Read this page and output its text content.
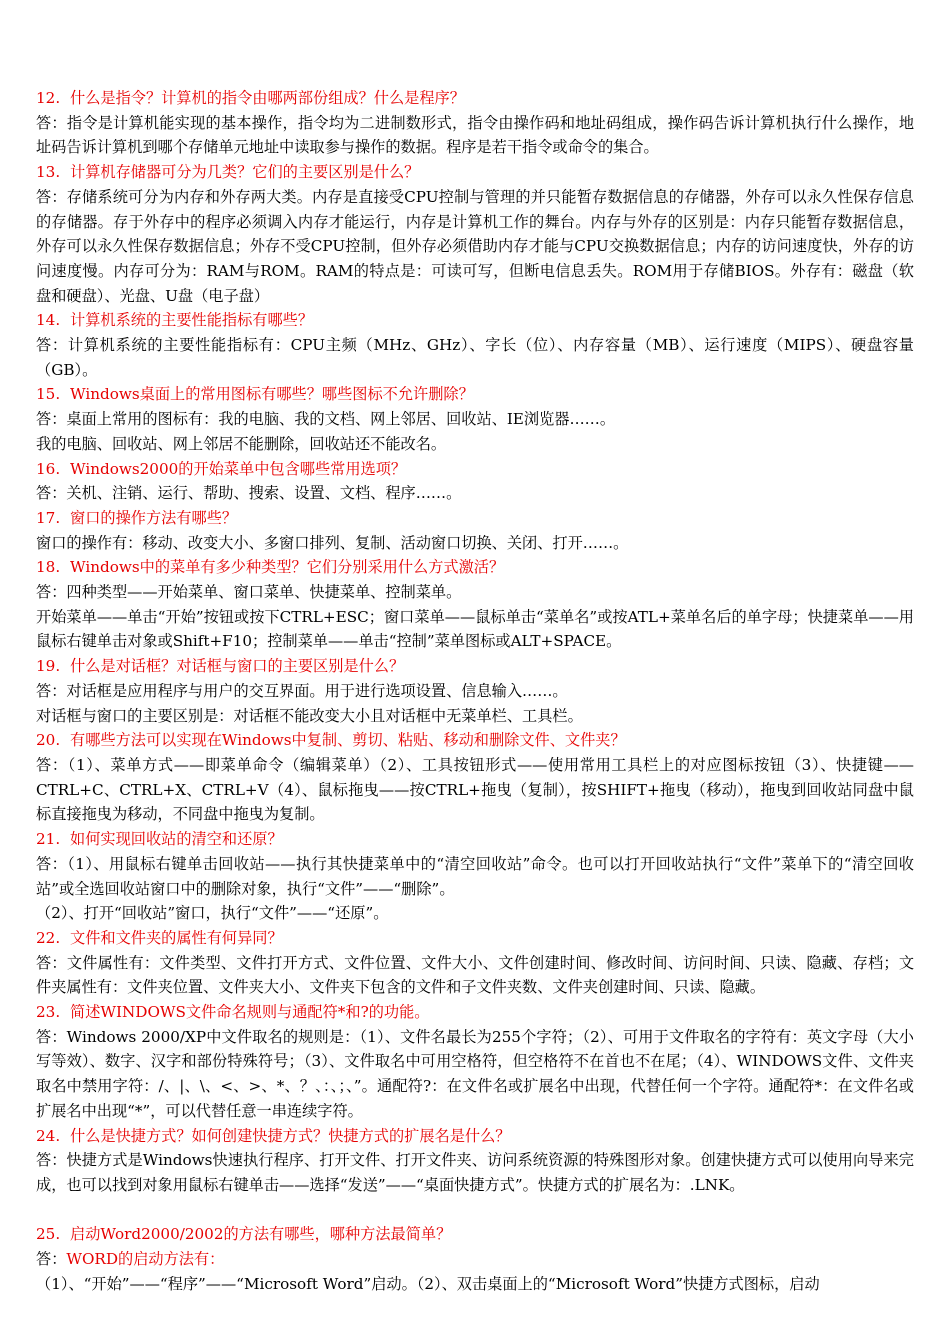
12. 什么是指令？计算机的指令由哪两部份组成？什么是程序？

答：指令是计算机能实现的基本操作，指令均为二进制数形式，指令由操作码和地址码组成，操作码告诉计算机执行什么操作，地址码告诉计算机到哪个存储单元地址中读取参与操作的数据。程序是若干指令或命令的集合。

13. 计算机存储器可分为几类？它们的主要区别是什么？

答：存储系统可分为内存和外存两大类。内存是直接受CPU控制与管理的并只能暂存数据信息的存储器，外存可以永久性保存信息的存储器。存于外存中的程序必须调入内存才能运行，内存是计算机工作的舞台。内存与外存的区别是：内存只能暂存数据信息，外存可以永久性保存数据信息；外存不受CPU控制，但外存必须借助内存才能与CPU交换数据信息；内存的访问速度快，外存的访问速度慢。内存可分为：RAM与ROM。RAM的特点是：可读可写，但断电信息丢失。ROM用于存储BIOS。外存有：磁盘（软盘和硬盘）、光盘、U盘（电子盘）

14. 计算机系统的主要性能指标有哪些？

答：计算机系统的主要性能指标有：CPU主频（MHz、GHz）、字长（位）、内存容量（MB）、运行速度（MIPS）、硬盘容量（GB）。

15. Windows桌面上的常用图标有哪些？哪些图标不允许删除？

答：桌面上常用的图标有：我的电脑、我的文档、网上邻居、回收站、IE浏览器……。

我的电脑、回收站、网上邻居不能删除，回收站还不能改名。

16. Windows2000的开始菜单中包含哪些常用选项？

答：关机、注销、运行、帮助、搜索、设置、文档、程序……。

17. 窗口的操作方法有哪些？

窗口的操作有：移动、改变大小、多窗口排列、复制、活动窗口切换、关闭、打开……。

18. Windows中的菜单有多少种类型？它们分别采用什么方式激活？

答：四种类型——开始菜单、窗口菜单、快捷菜单、控制菜单。

开始菜单——单击“开始”按钮或按下CTRL+ESC；窗口菜单——鼠标单击“菜单名”或按ATL+菜单名后的单字母；快捷菜单——用鼠标右键单击对象或Shift+F10；控制菜单——单击“控制”菜单图标或ALT+SPACE。

19. 什么是对话框？对话框与窗口的主要区别是什么？

答：对话框是应用程序与用户的交互界面。用于进行选项设置、信息输入……。

对话框与窗口的主要区别是：对话框不能改变大小且对话框中无菜单栏、工具栏。

20. 有哪些方法可以实现在Windows中复制、剪切、粘贴、移动和删除文件、文件夹？

答：（1）、菜单方式——即菜单命令（编辑菜单）（2）、工具按钮形式——使用常用工具栏上的对应图标按钮（3）、快捷键——CTRL+C、CTRL+X、CTRL+V（4）、鼠标拖曳——按CTRL+拖曳（复制），按SHIFT+拖曳（移动），拖曳到回收站同盘中鼠标直接拖曳为移动，不同盘中拖曳为复制。

21. 如何实现回收站的清空和还原？

答：（1）、用鼠标右键单击回收站——执行其快捷菜单中的“清空回收站”命令。也可以打开回收站执行“文件”菜单下的“清空回收站”或全选回收站窗口中的删除对象，执行“文件”——“删除”。

（2）、打开“回收站”窗口，执行“文件”——“还原”。

22. 文件和文件夹的属性有何异同？

答：文件属性有：文件类型、文件打开方式、文件位置、文件大小、文件创建时间、修改时间、访问时间、只读、隐藏、存档；文件夹属性有：文件夹位置、文件夹大小、文件夹下包含的文件和子文件夹数、文件夹创建时间、只读、隐藏。

23. 简述WINDOWS文件命名规则与通配符*和?的功能。

答：Windows 2000/XP中文件取名的规则是：（1）、文件名最长为255个字符；（2）、可用于文件取名的字符有：英文字母（大小写等效）、数字、汉字和部份特殊符号；（3）、文件取名中可用空格符，但空格符不在首也不在尾；（4）、WINDOWS文件、文件夹取名中禁用字符：/、|、\、<、>、*、？、：、；、”。通配符?：在文件名或扩展名中出现，代替任何一个字符。通配符*：在文件名或扩展名中出现“*”，可以代替任意一串连续字符。

24. 什么是快捷方式？如何创建快捷方式？快捷方式的扩展名是什么？

答：快捷方式是Windows快速执行程序、打开文件、打开文件夹、访问系统资源的特殊图形对象。创建快捷方式可以使用向导来完成，也可以找到对象用鼠标右键单击——选择“发送”——“桌面快捷方式”。快捷方式的扩展名为：.LNK。

25. 启动Word2000/2002的方法有哪些，哪种方法最简单？

答：WORD的启动方法有：

（1）、“开始”——“程序”——“Microsoft Word”启动。（2）、双击桌面上的“Microsoft Word”快捷方式图标，启动
